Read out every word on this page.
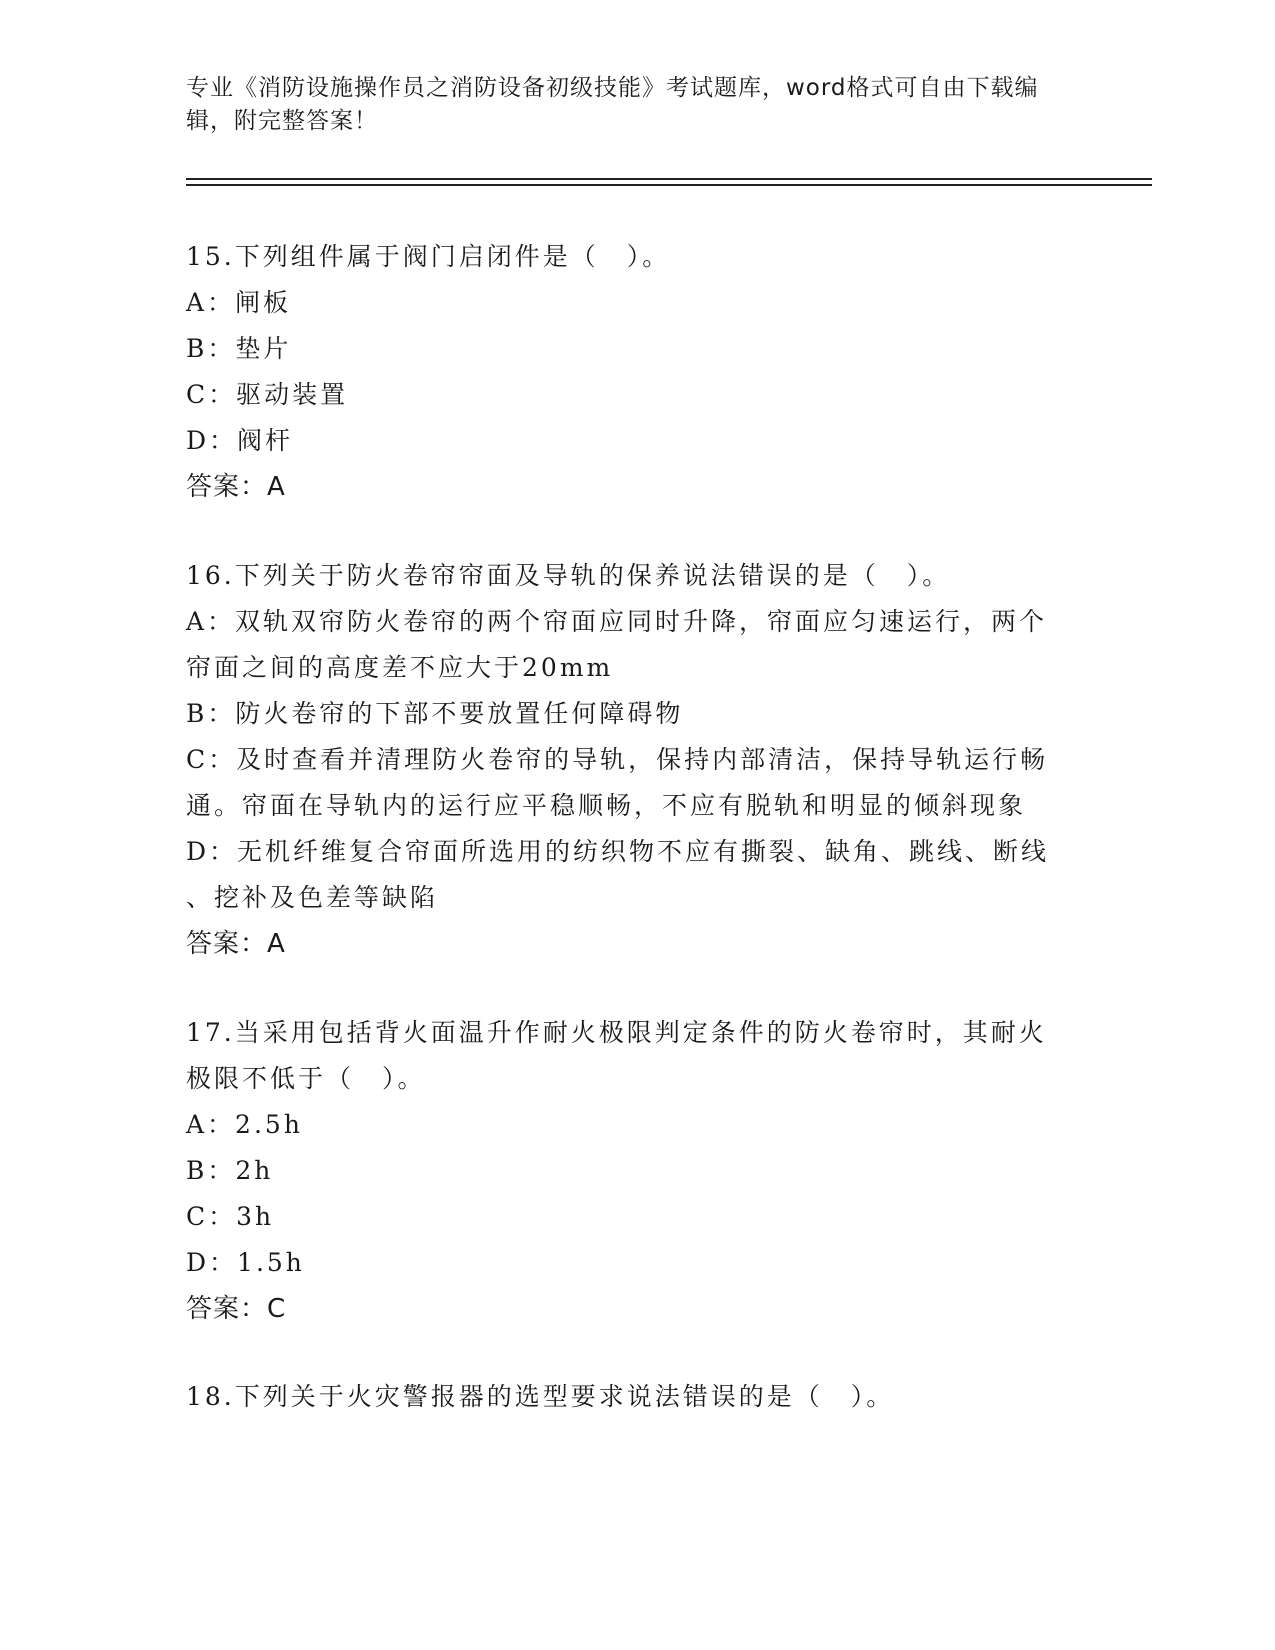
专业《消防设施操作员之消防设备初级技能》考试题库，word格式可自由下载编辑，附完整答案！
15.下列组件属于阀门启闭件是（　）。
A：闸板
B：垫片
C：驱动装置
D：阀杆
答案：A
16.下列关于防火卷帘帘面及导轨的保养说法错误的是（　）。
A：双轨双帘防火卷帘的两个帘面应同时升降，帘面应匀速运行，两个
帘面之间的高度差不应大于20mm
B：防火卷帘的下部不要放置任何障碍物
C：及时查看并清理防火卷帘的导轨，保持内部清洁，保持导轨运行畅
通。帘面在导轨内的运行应平稳顺畅，不应有脱轨和明显的倾斜现象
D：无机纤维复合帘面所选用的纺织物不应有撕裂、缺角、跳线、断线
、挖补及色差等缺陷
答案：A
17.当采用包括背火面温升作耐火极限判定条件的防火卷帘时，其耐火
极限不低于（　）。
A：2.5h
B：2h
C：3h
D：1.5h
答案：C
18.下列关于火灾警报器的选型要求说法错误的是（　）。
